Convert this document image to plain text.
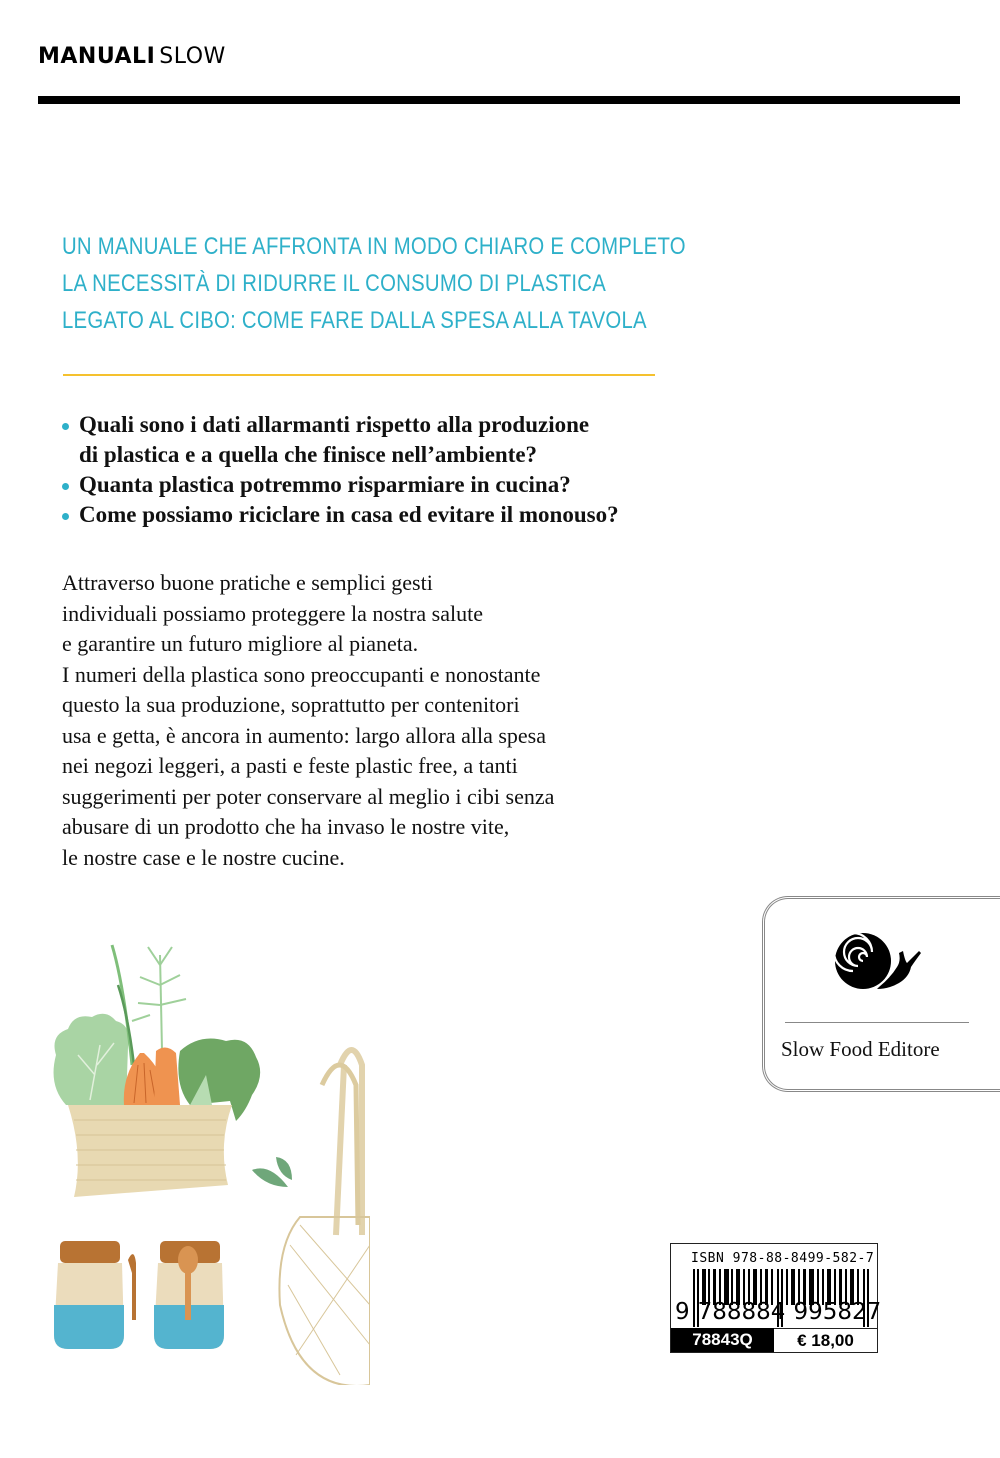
MANUALI SLOW
UN MANUALE CHE AFFRONTA IN MODO CHIARO E COMPLETO
LA NECESSITÀ DI RIDURRE IL CONSUMO DI PLASTICA
LEGATO AL CIBO: COME FARE DALLA SPESA ALLA TAVOLA
Quali sono i dati allarmanti rispetto alla produzione
di plastica e a quella che finisce nell’ambiente?
Quanta plastica potremmo risparmiare in cucina?
Come possiamo riciclare in casa ed evitare il monouso?
Attraverso buone pratiche e semplici gesti
individuali possiamo proteggere la nostra salute
e garantire un futuro migliore al pianeta.
I numeri della plastica sono preoccupanti e nonostante
questo la sua produzione, soprattutto per contenitori
usa e getta, è ancora in aumento: largo allora alla spesa
nei negozi leggeri, a pasti e feste plastic free, a tanti
suggerimenti per poter conservare al meglio i cibi senza
abusare di un prodotto che ha invaso le nostre vite,
le nostre case e le nostre cucine.
Slow Food Editore
ISBN 978-88-8499-582-7
9 788884 995827
78843Q	€ 18,00
